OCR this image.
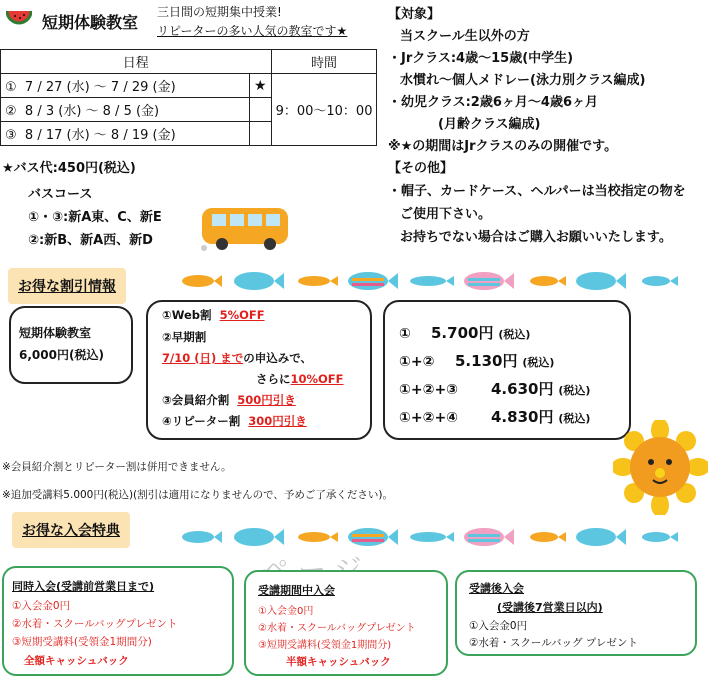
短期体験教室
三日間の短期集中授業!
リピーターの多い人気の教室です★
日程		時間
① 7 / 27 (水) ～ 7 / 29 (金)	★	9：00～10：00
② 8 / 3 (水) ～ 8 / 5 (金)		
③ 8 / 17 (水) ～ 8 / 19 (金)		
★バス代:450円(税込)
バスコース
①・③:新A東、C、新E
②:新B、新A西、新D
【対象】
当スクール生以外の方
・Jrクラス:4歳～15歳(中学生)
水慣れ～個人メドレー(泳力別クラス編成)
・幼児クラス:2歳6ヶ月～4歳6ヶ月
(月齢クラス編成)
※★の期間はJrクラスのみの開催です。
【その他】
・帽子、カードケース、ヘルパーは当校指定の物を
ご使用下さい。
お持ちでない場合はご購入お願いいたします。
お得な割引情報
短期体験教室
6,000円(税込)
①Web割 5%OFF
②早期割
7/10 (日) までの申込みで、
さらに10%OFF
③会員紹介割 500円引き
④リピーター割 300円引き
① 5.700円 (税込)
①+② 5.130円 (税込)
①+②+③ 4.630円 (税込)
①+②+④ 4.830円 (税込)
※会員紹介割とリピーター割は併用できません。
※追加受講料5.000円(税込)(割引は適用になりませんので、予めご了承ください)。
お得な入会特典
同時入会(受講前営業日まで)
①入会金0円
②水着・スクールバッグプレゼント
③短期受講料(受領金1期間分)
全額キャッシュバック
受講期間中入会
①入会金0円
②水着・スクールバッグプレゼント
③短期受講料(受領金1期間分)
半額キャッシュバック
受講後入会
(受講後7営業日以内)
①入会金0円
②水着・スクールバッグ プレゼント
